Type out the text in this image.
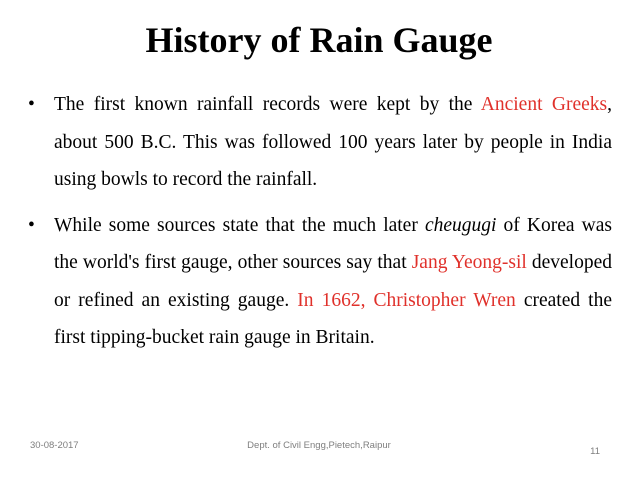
History of Rain Gauge
• The first known rainfall records were kept by the Ancient Greeks, about 500 B.C. This was followed 100 years later by people in India using bowls to record the rainfall.
• While some sources state that the much later cheugugi of Korea was the world's first gauge, other sources say that Jang Yeong-sil developed or refined an existing gauge. In 1662, Christopher Wren created the first tipping-bucket rain gauge in Britain.
30-08-2017	Dept. of Civil Engg,Pietech,Raipur
11
